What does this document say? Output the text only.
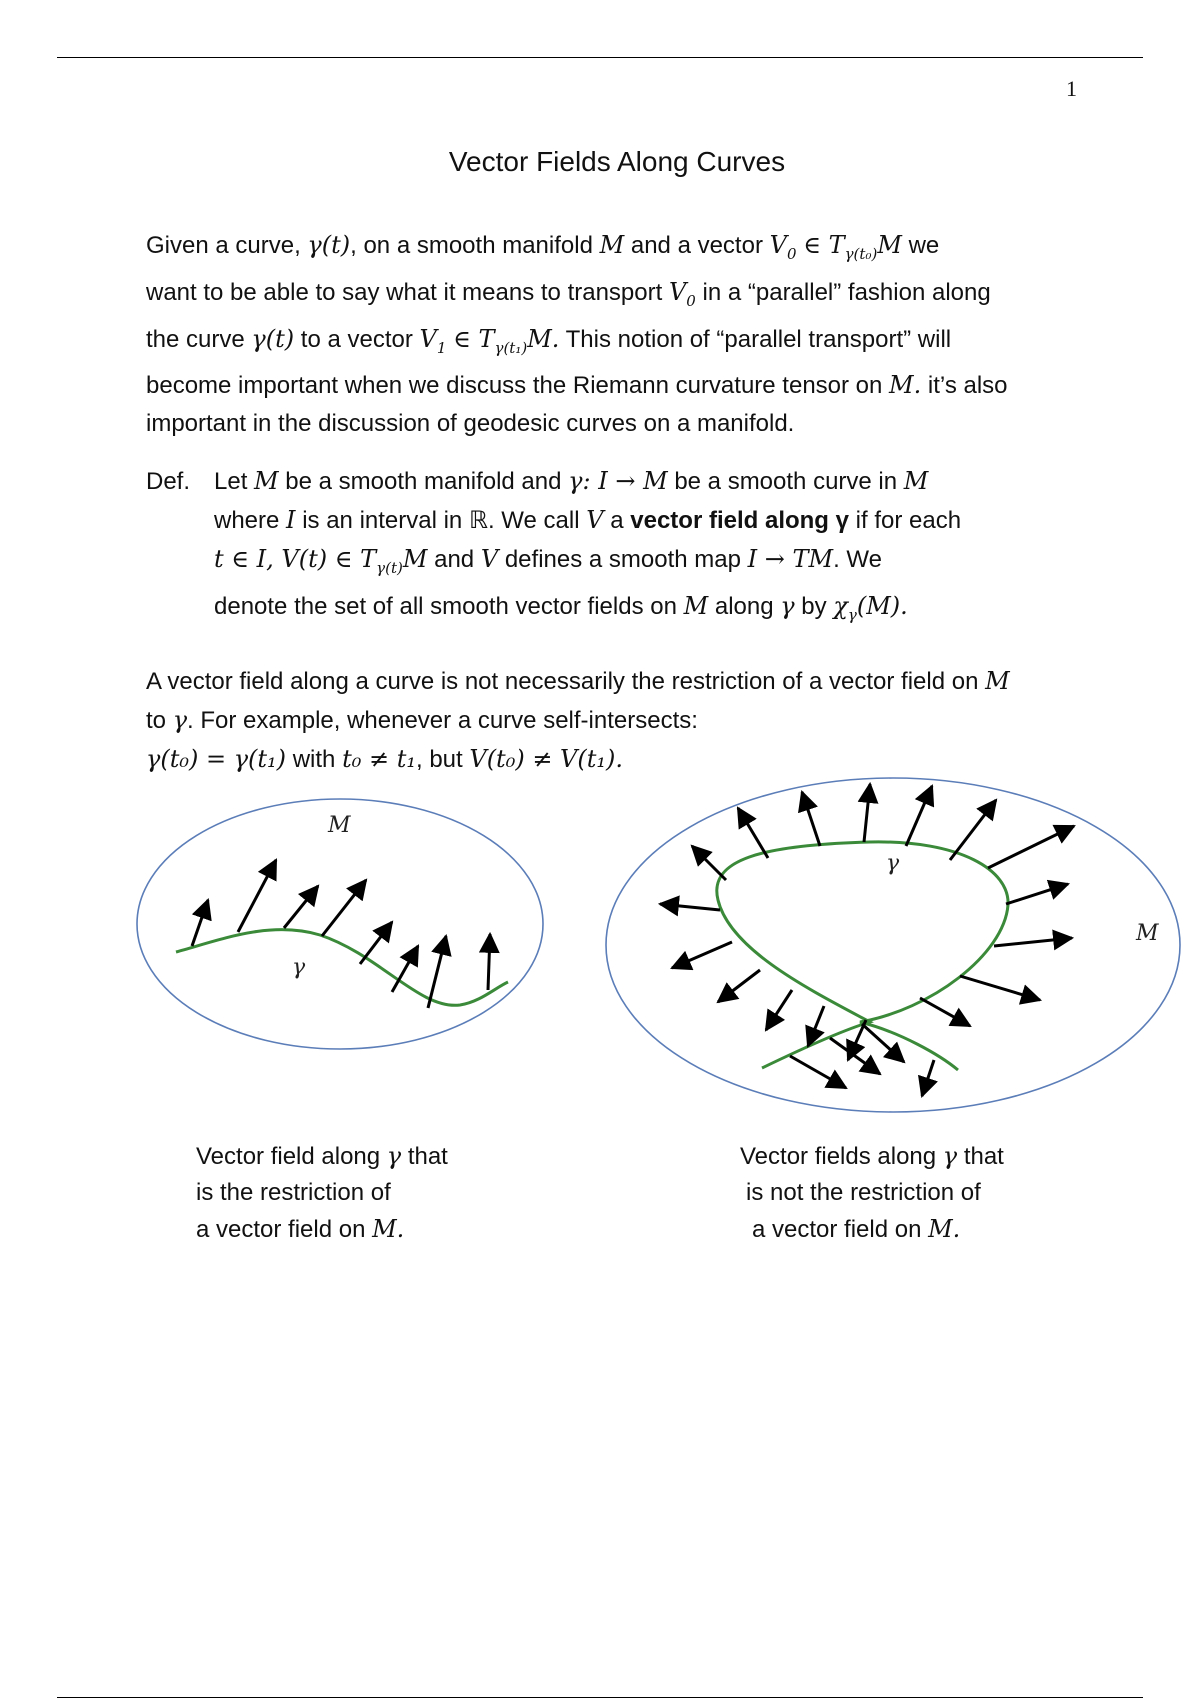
1
Vector Fields Along Curves
Given a curve, γ(t), on a smooth manifold M and a vector $V_0$ ∈ $T_{\gamma(t_0)}M$ we
want to be able to say what it means to transport $V_0$ in a “parallel” fashion along
the curve γ(t) to a vector $V_1$ ∈ $T_{\gamma(t_1)}M$. This notion of “parallel transport” will
become important when we discuss the Riemann curvature tensor on M. it’s also
important in the discussion of geodesic curves on a manifold.
Def. Let M be a smooth manifold and γ: I → M be a smooth curve in M
where I is an interval in ℝ. We call V a vector field along γ if for each
t ∈ I, V(t) ∈ $T_{\gamma(t)}M$ and V defines a smooth map I → TM. We
denote the set of all smooth vector fields on M along γ by $\chi_\gamma(M)$.
A vector field along a curve is not necessarily the restriction of a vector field on M
to γ. For example, whenever a curve self-intersects:
γ(t₀) = γ(t₁) with t₀ ≠ t₁, but V(t₀) ≠ V(t₁).
M
γ
γ
M
Vector field along γ that
is the restriction of
a vector field on M.
Vector fields along γ that
is not the restriction of
a vector field on M.
